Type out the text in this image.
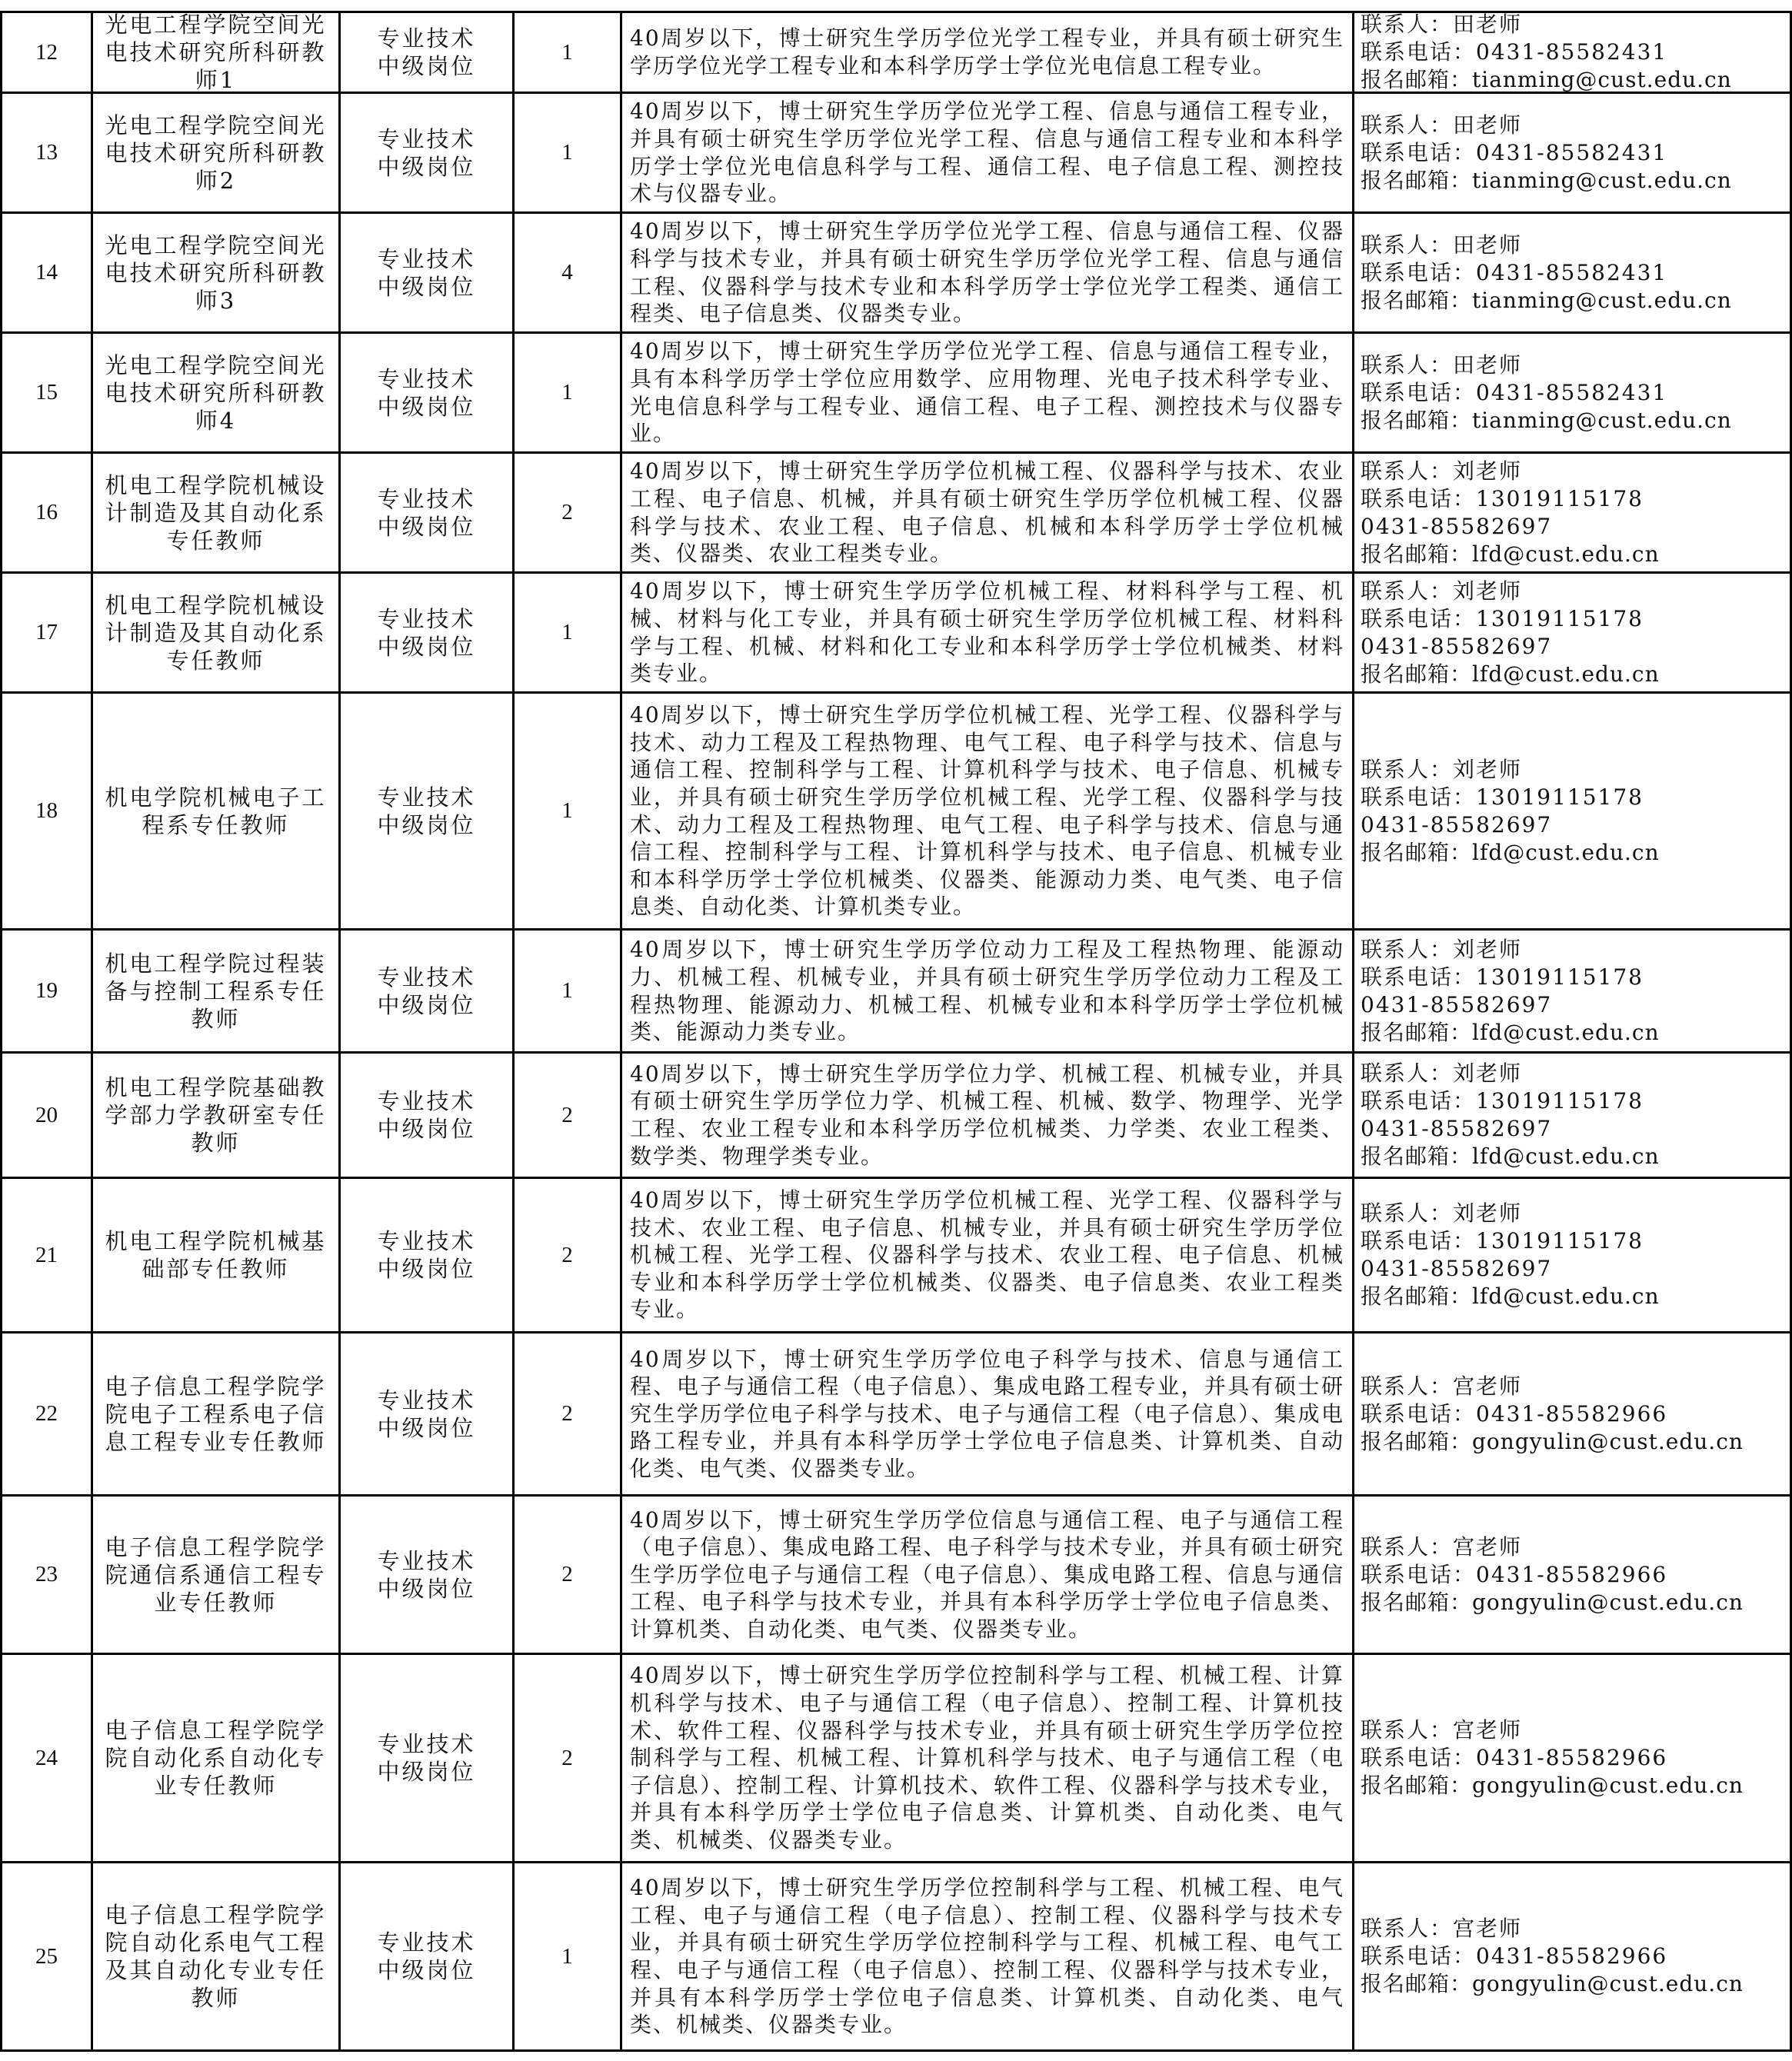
12
光电工程学院空间光电技术研究所科研教师1
专业技术中级岗位
1
40周岁以下，博士研究生学历学位光学工程专业，并具有硕士研究生学历学位光学工程专业和本科学历学士学位光电信息工程专业。
联系人：田老师
联系电话：0431-85582431
报名邮箱：tianming@cust.edu.cn
13
光电工程学院空间光电技术研究所科研教师2
专业技术中级岗位
1
40周岁以下，博士研究生学历学位光学工程、信息与通信工程专业，并具有硕士研究生学历学位光学工程、信息与通信工程专业和本科学历学士学位光电信息科学与工程、通信工程、电子信息工程、测控技术与仪器专业。
联系人：田老师
联系电话：0431-85582431
报名邮箱：tianming@cust.edu.cn
14
光电工程学院空间光电技术研究所科研教师3
专业技术中级岗位
4
40周岁以下，博士研究生学历学位光学工程、信息与通信工程、仪器科学与技术专业，并具有硕士研究生学历学位光学工程、信息与通信工程、仪器科学与技术专业和本科学历学士学位光学工程类、通信工程类、电子信息类、仪器类专业。
联系人：田老师
联系电话：0431-85582431
报名邮箱：tianming@cust.edu.cn
15
光电工程学院空间光电技术研究所科研教师4
专业技术中级岗位
1
40周岁以下，博士研究生学历学位光学工程、信息与通信工程专业，具有本科学历学士学位应用数学、应用物理、光电子技术科学专业、光电信息科学与工程专业、通信工程、电子工程、测控技术与仪器专业。
联系人：田老师
联系电话：0431-85582431
报名邮箱：tianming@cust.edu.cn
16
机电工程学院机械设计制造及其自动化系专任教师
专业技术中级岗位
2
40周岁以下，博士研究生学历学位机械工程、仪器科学与技术、农业工程、电子信息、机械，并具有硕士研究生学历学位机械工程、仪器科学与技术、农业工程、电子信息、机械和本科学历学士学位机械类、仪器类、农业工程类专业。
联系人：刘老师
联系电话：13019115178
0431-85582697
报名邮箱：lfd@cust.edu.cn
17
机电工程学院机械设计制造及其自动化系专任教师
专业技术中级岗位
1
40周岁以下，博士研究生学历学位机械工程、材料科学与工程、机械、材料与化工专业，并具有硕士研究生学历学位机械工程、材料科学与工程、机械、材料和化工专业和本科学历学士学位机械类、材料类专业。
联系人：刘老师
联系电话：13019115178
0431-85582697
报名邮箱：lfd@cust.edu.cn
18
机电学院机械电子工程系专任教师
专业技术中级岗位
1
40周岁以下，博士研究生学历学位机械工程、光学工程、仪器科学与技术、动力工程及工程热物理、电气工程、电子科学与技术、信息与通信工程、控制科学与工程、计算机科学与技术、电子信息、机械专业，并具有硕士研究生学历学位机械工程、光学工程、仪器科学与技术、动力工程及工程热物理、电气工程、电子科学与技术、信息与通信工程、控制科学与工程、计算机科学与技术、电子信息、机械专业和本科学历学士学位机械类、仪器类、能源动力类、电气类、电子信息类、自动化类、计算机类专业。
联系人：刘老师
联系电话：13019115178
0431-85582697
报名邮箱：lfd@cust.edu.cn
19
机电工程学院过程装备与控制工程系专任教师
专业技术中级岗位
1
40周岁以下，博士研究生学历学位动力工程及工程热物理、能源动力、机械工程、机械专业，并具有硕士研究生学历学位动力工程及工程热物理、能源动力、机械工程、机械专业和本科学历学士学位机械类、能源动力类专业。
联系人：刘老师
联系电话：13019115178
0431-85582697
报名邮箱：lfd@cust.edu.cn
20
机电工程学院基础教学部力学教研室专任教师
专业技术中级岗位
2
40周岁以下，博士研究生学历学位力学、机械工程、机械专业，并具有硕士研究生学历学位力学、机械工程、机械、数学、物理学、光学工程、农业工程专业和本科学历学位机械类、力学类、农业工程类、数学类、物理学类专业。
联系人：刘老师
联系电话：13019115178
0431-85582697
报名邮箱：lfd@cust.edu.cn
21
机电工程学院机械基础部专任教师
专业技术中级岗位
2
40周岁以下，博士研究生学历学位机械工程、光学工程、仪器科学与技术、农业工程、电子信息、机械专业，并具有硕士研究生学历学位机械工程、光学工程、仪器科学与技术、农业工程、电子信息、机械专业和本科学历学士学位机械类、仪器类、电子信息类、农业工程类专业。
联系人：刘老师
联系电话：13019115178
0431-85582697
报名邮箱：lfd@cust.edu.cn
22
电子信息工程学院学院电子工程系电子信息工程专业专任教师
专业技术中级岗位
2
40周岁以下，博士研究生学历学位电子科学与技术、信息与通信工程、电子与通信工程（电子信息）、集成电路工程专业，并具有硕士研究生学历学位电子科学与技术、电子与通信工程（电子信息）、集成电路工程专业，并具有本科学历学士学位电子信息类、计算机类、自动化类、电气类、仪器类专业。
联系人：宫老师
联系电话：0431-85582966
报名邮箱：gongyulin@cust.edu.cn
23
电子信息工程学院学院通信系通信工程专业专任教师
专业技术中级岗位
2
40周岁以下，博士研究生学历学位信息与通信工程、电子与通信工程（电子信息）、集成电路工程、电子科学与技术专业，并具有硕士研究生学历学位电子与通信工程（电子信息）、集成电路工程、信息与通信工程、电子科学与技术专业，并具有本科学历学士学位电子信息类、计算机类、自动化类、电气类、仪器类专业。
联系人：宫老师
联系电话：0431-85582966
报名邮箱：gongyulin@cust.edu.cn
24
电子信息工程学院学院自动化系自动化专业专任教师
专业技术中级岗位
2
40周岁以下，博士研究生学历学位控制科学与工程、机械工程、计算机科学与技术、电子与通信工程（电子信息）、控制工程、计算机技术、软件工程、仪器科学与技术专业，并具有硕士研究生学历学位控制科学与工程、机械工程、计算机科学与技术、电子与通信工程（电子信息）、控制工程、计算机技术、软件工程、仪器科学与技术专业，并具有本科学历学士学位电子信息类、计算机类、自动化类、电气类、机械类、仪器类专业。
联系人：宫老师
联系电话：0431-85582966
报名邮箱：gongyulin@cust.edu.cn
25
电子信息工程学院学院自动化系电气工程及其自动化专业专任教师
专业技术中级岗位
1
40周岁以下，博士研究生学历学位控制科学与工程、机械工程、电气工程、电子与通信工程（电子信息）、控制工程、仪器科学与技术专业，并具有硕士研究生学历学位控制科学与工程、机械工程、电气工程、电子与通信工程（电子信息）、控制工程、仪器科学与技术专业，并具有本科学历学士学位电子信息类、计算机类、自动化类、电气类、机械类、仪器类专业。
联系人：宫老师
联系电话：0431-85582966
报名邮箱：gongyulin@cust.edu.cn
